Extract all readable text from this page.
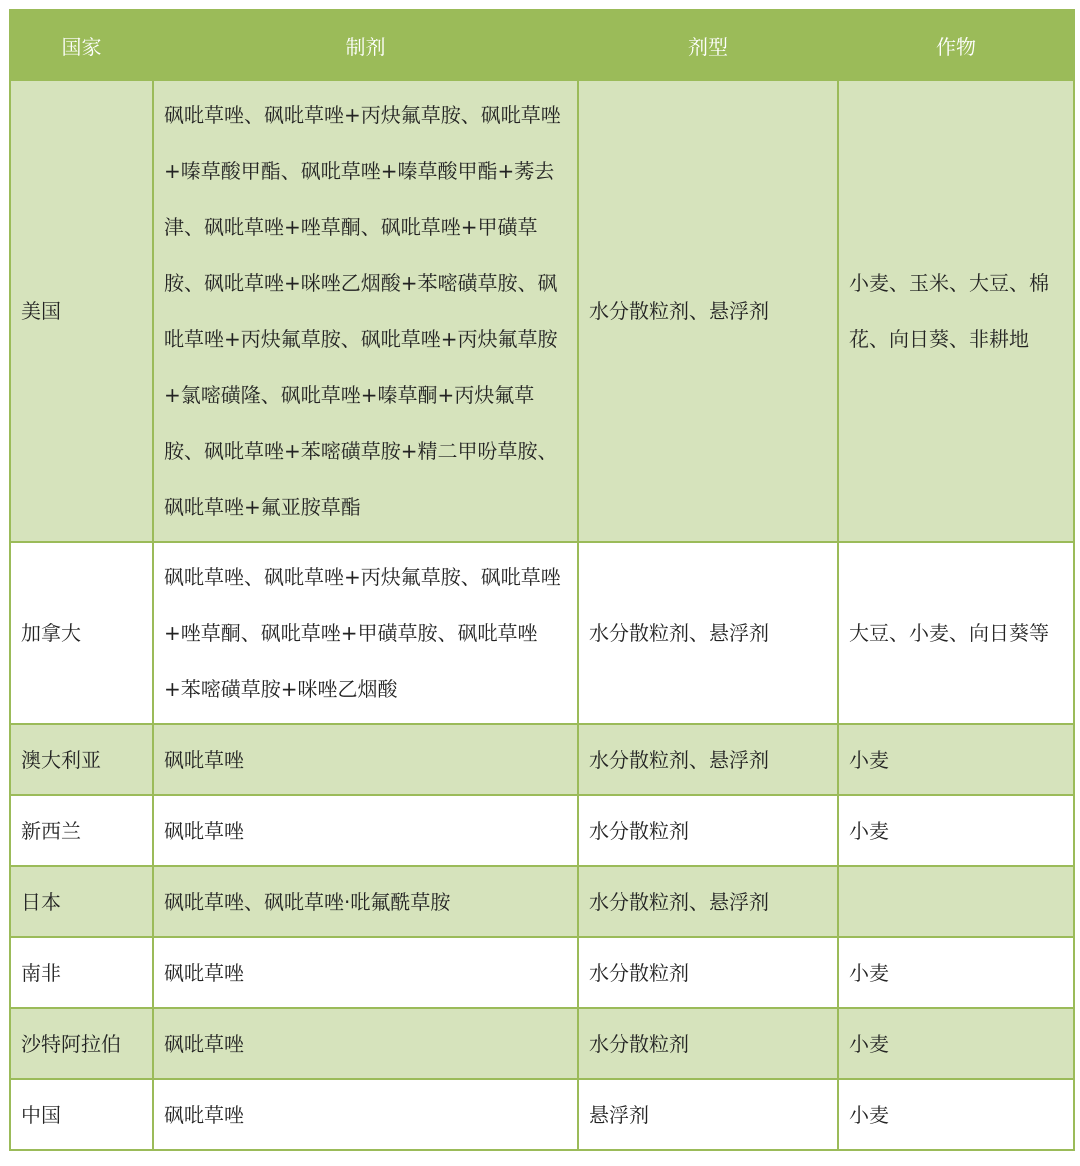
国家	制剂	剂型	作物
美国	砜吡草唑、砜吡草唑+丙炔氟草胺、砜吡草唑+嗪草酸甲酯、砜吡草唑+嗪草酸甲酯+莠去津、砜吡草唑+唑草酮、砜吡草唑+甲磺草胺、砜吡草唑+咪唑乙烟酸+苯嘧磺草胺、砜吡草唑+丙炔氟草胺、砜吡草唑+丙炔氟草胺+氯嘧磺隆、砜吡草唑+嗪草酮+丙炔氟草胺、砜吡草唑+苯嘧磺草胺+精二甲吩草胺、砜吡草唑+氟亚胺草酯	水分散粒剂、悬浮剂	小麦、玉米、大豆、棉花、向日葵、非耕地
加拿大	砜吡草唑、砜吡草唑+丙炔氟草胺、砜吡草唑+唑草酮、砜吡草唑+甲磺草胺、砜吡草唑+苯嘧磺草胺+咪唑乙烟酸	水分散粒剂、悬浮剂	大豆、小麦、向日葵等
澳大利亚	砜吡草唑	水分散粒剂、悬浮剂	小麦
新西兰	砜吡草唑	水分散粒剂	小麦
日本	砜吡草唑、砜吡草唑·吡氟酰草胺	水分散粒剂、悬浮剂	
南非	砜吡草唑	水分散粒剂	小麦
沙特阿拉伯	砜吡草唑	水分散粒剂	小麦
中国	砜吡草唑	悬浮剂	小麦
